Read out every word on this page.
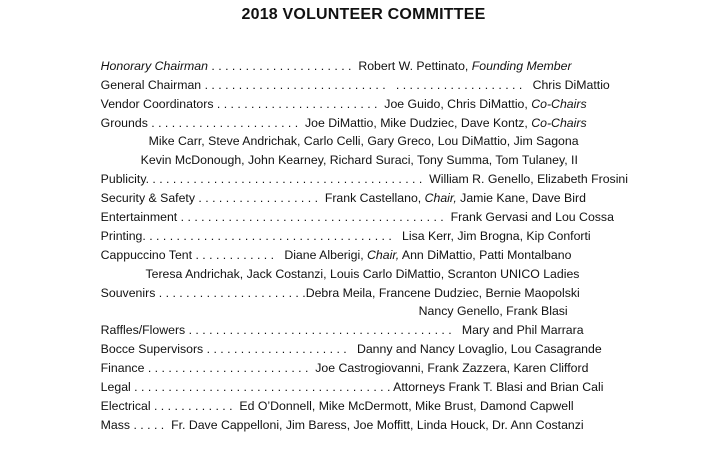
2018 VOLUNTEER COMMITTEE

Honorary Chairman . . . . . . . . . . . . . . . . . . . . .  Robert W. Pettinato, Founding Member

General Chairman . . . . . . . . . . . . . . . . . . . . . . . . . . .   . . . . . . . . . . . . . . . . . . .   Chris DiMattio

Vendor Coordinators . . . . . . . . . . . . . . . . . . . . . . . .  Joe Guido, Chris DiMattio, Co-Chairs

Grounds . . . . . . . . . . . . . . . . . . . . . .  Joe DiMattio, Mike Dudziec, Dave Kontz, Co-Chairs

Mike Carr, Steve Andrichak, Carlo Celli, Gary Greco, Lou DiMattio, Jim Sagona

Kevin McDonough, John Kearney, Richard Suraci, Tony Summa, Tom Tulaney, II

Publicity. . . . . . . . . . . . . . . . . . . . . . . . . . . . . . . . . . . . . . . . .  William R. Genello, Elizabeth Frosini

Security & Safety . . . . . . . . . . . . . . . . . .  Frank Castellano, Chair, Jamie Kane, Dave Bird

Entertainment . . . . . . . . . . . . . . . . . . . . . . . . . . . . . . . . . . . . . . .  Frank Gervasi and Lou Cossa

Printing. . . . . . . . . . . . . . . . . . . . . . . . . . . . . . . . . . . . .   Lisa Kerr, Jim Brogna, Kip Conforti

Cappuccino Tent . . . . . . . . . . . .   Diane Alberigi, Chair, Ann DiMattio, Patti Montalbano

Teresa Andrichak, Jack Costanzi, Louis Carlo DiMattio, Scranton UNICO Ladies

Souvenirs . . . . . . . . . . . . . . . . . . . . . .Debra Meila, Francene Dudziec, Bernie Maopolski

Nancy Genello, Frank Blasi

Raffles/Flowers . . . . . . . . . . . . . . . . . . . . . . . . . . . . . . . . . . . . . . .   Mary and Phil Marrara

Bocce Supervisors . . . . . . . . . . . . . . . . . . . . .   Danny and Nancy Lovaglio, Lou Casagrande

Finance . . . . . . . . . . . . . . . . . . . . . . . .  Joe Castrogiovanni, Frank Zazzera, Karen Clifford

Legal . . . . . . . . . . . . . . . . . . . . . . . . . . . . . . . . . . . . . . Attorneys Frank T. Blasi and Brian Cali

Electrical . . . . . . . . . . . .  Ed O’Donnell, Mike McDermott, Mike Brust, Damond Capwell

Mass . . . . .  Fr. Dave Cappelloni, Jim Baress, Joe Moffitt, Linda Houck, Dr. Ann Costanzi
